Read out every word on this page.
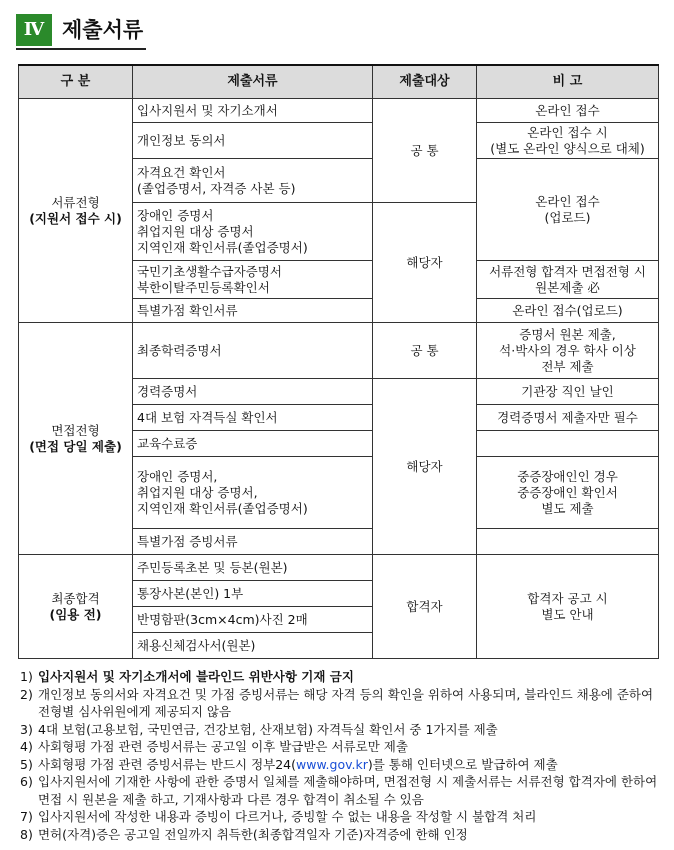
Ⅳ 제출서류
구 분	제출서류	제출대상	비 고

서류전형
(지원서 접수 시)	입사지원서 및 자기소개서	공 통	온라인 접수

	개인정보 동의서		온라인 접수 시
(별도 온라인 양식으로 대체)

	자격요건 확인서
(졸업증명서, 자격증 사본 등)		온라인 접수
(업로드)

	장애인 증명서
취업지원 대상 증명서
지역인재 확인서류(졸업증명서)	해당자	

	국민기초생활수급자증명서
북한이탈주민등록확인서		서류전형 합격자 면접전형 시
원본제출 必

	특별가점 확인서류		온라인 접수(업로드)

면접전형
(면접 당일 제출)	최종학력증명서	공 통	증명서 원본 제출,
석·박사의 경우 학사 이상
전부 제출

	경력증명서	해당자	기관장 직인 날인

	4대 보험 자격득실 확인서		경력증명서 제출자만 필수

	교육수료증		

	장애인 증명서,
취업지원 대상 증명서,
지역인재 확인서류(졸업증명서)		중증장애인인 경우
중증장애인 확인서
별도 제출

	특별가점 증빙서류		

최종합격
(임용 전)	주민등록초본 및 등본(원본)	합격자	합격자 공고 시
별도 안내

	통장사본(본인) 1부		

	반명함판(3cm×4cm)사진 2매		

	채용신체검사서(원본)		
1) 입사지원서 및 자기소개서에 블라인드 위반사항 기재 금지
2) 개인정보 동의서와 자격요건 및 가점 증빙서류는 해당 자격 등의 확인을 위하여 사용되며, 블라인드 채용에 준하여 전형별 심사위원에게 제공되지 않음
3) 4대 보험(고용보험, 국민연금, 건강보험, 산재보험) 자격득실 확인서 중 1가지를 제출
4) 사회형평 가점 관련 증빙서류는 공고일 이후 발급받은 서류로만 제출
5) 사회형평 가점 관련 증빙서류는 반드시 정부24(www.gov.kr)를 통해 인터넷으로 발급하여 제출
6) 입사지원서에 기재한 사항에 관한 증명서 일체를 제출해야하며, 면접전형 시 제출서류는 서류전형 합격자에 한하여 면접 시 원본을 제출 하고, 기재사항과 다른 경우 합격이 취소될 수 있음
7) 입사지원서에 작성한 내용과 증빙이 다르거나, 증빙할 수 없는 내용을 작성할 시 불합격 처리
8) 면허(자격)증은 공고일 전일까지 취득한(최종합격일자 기준)자격증에 한해 인정
